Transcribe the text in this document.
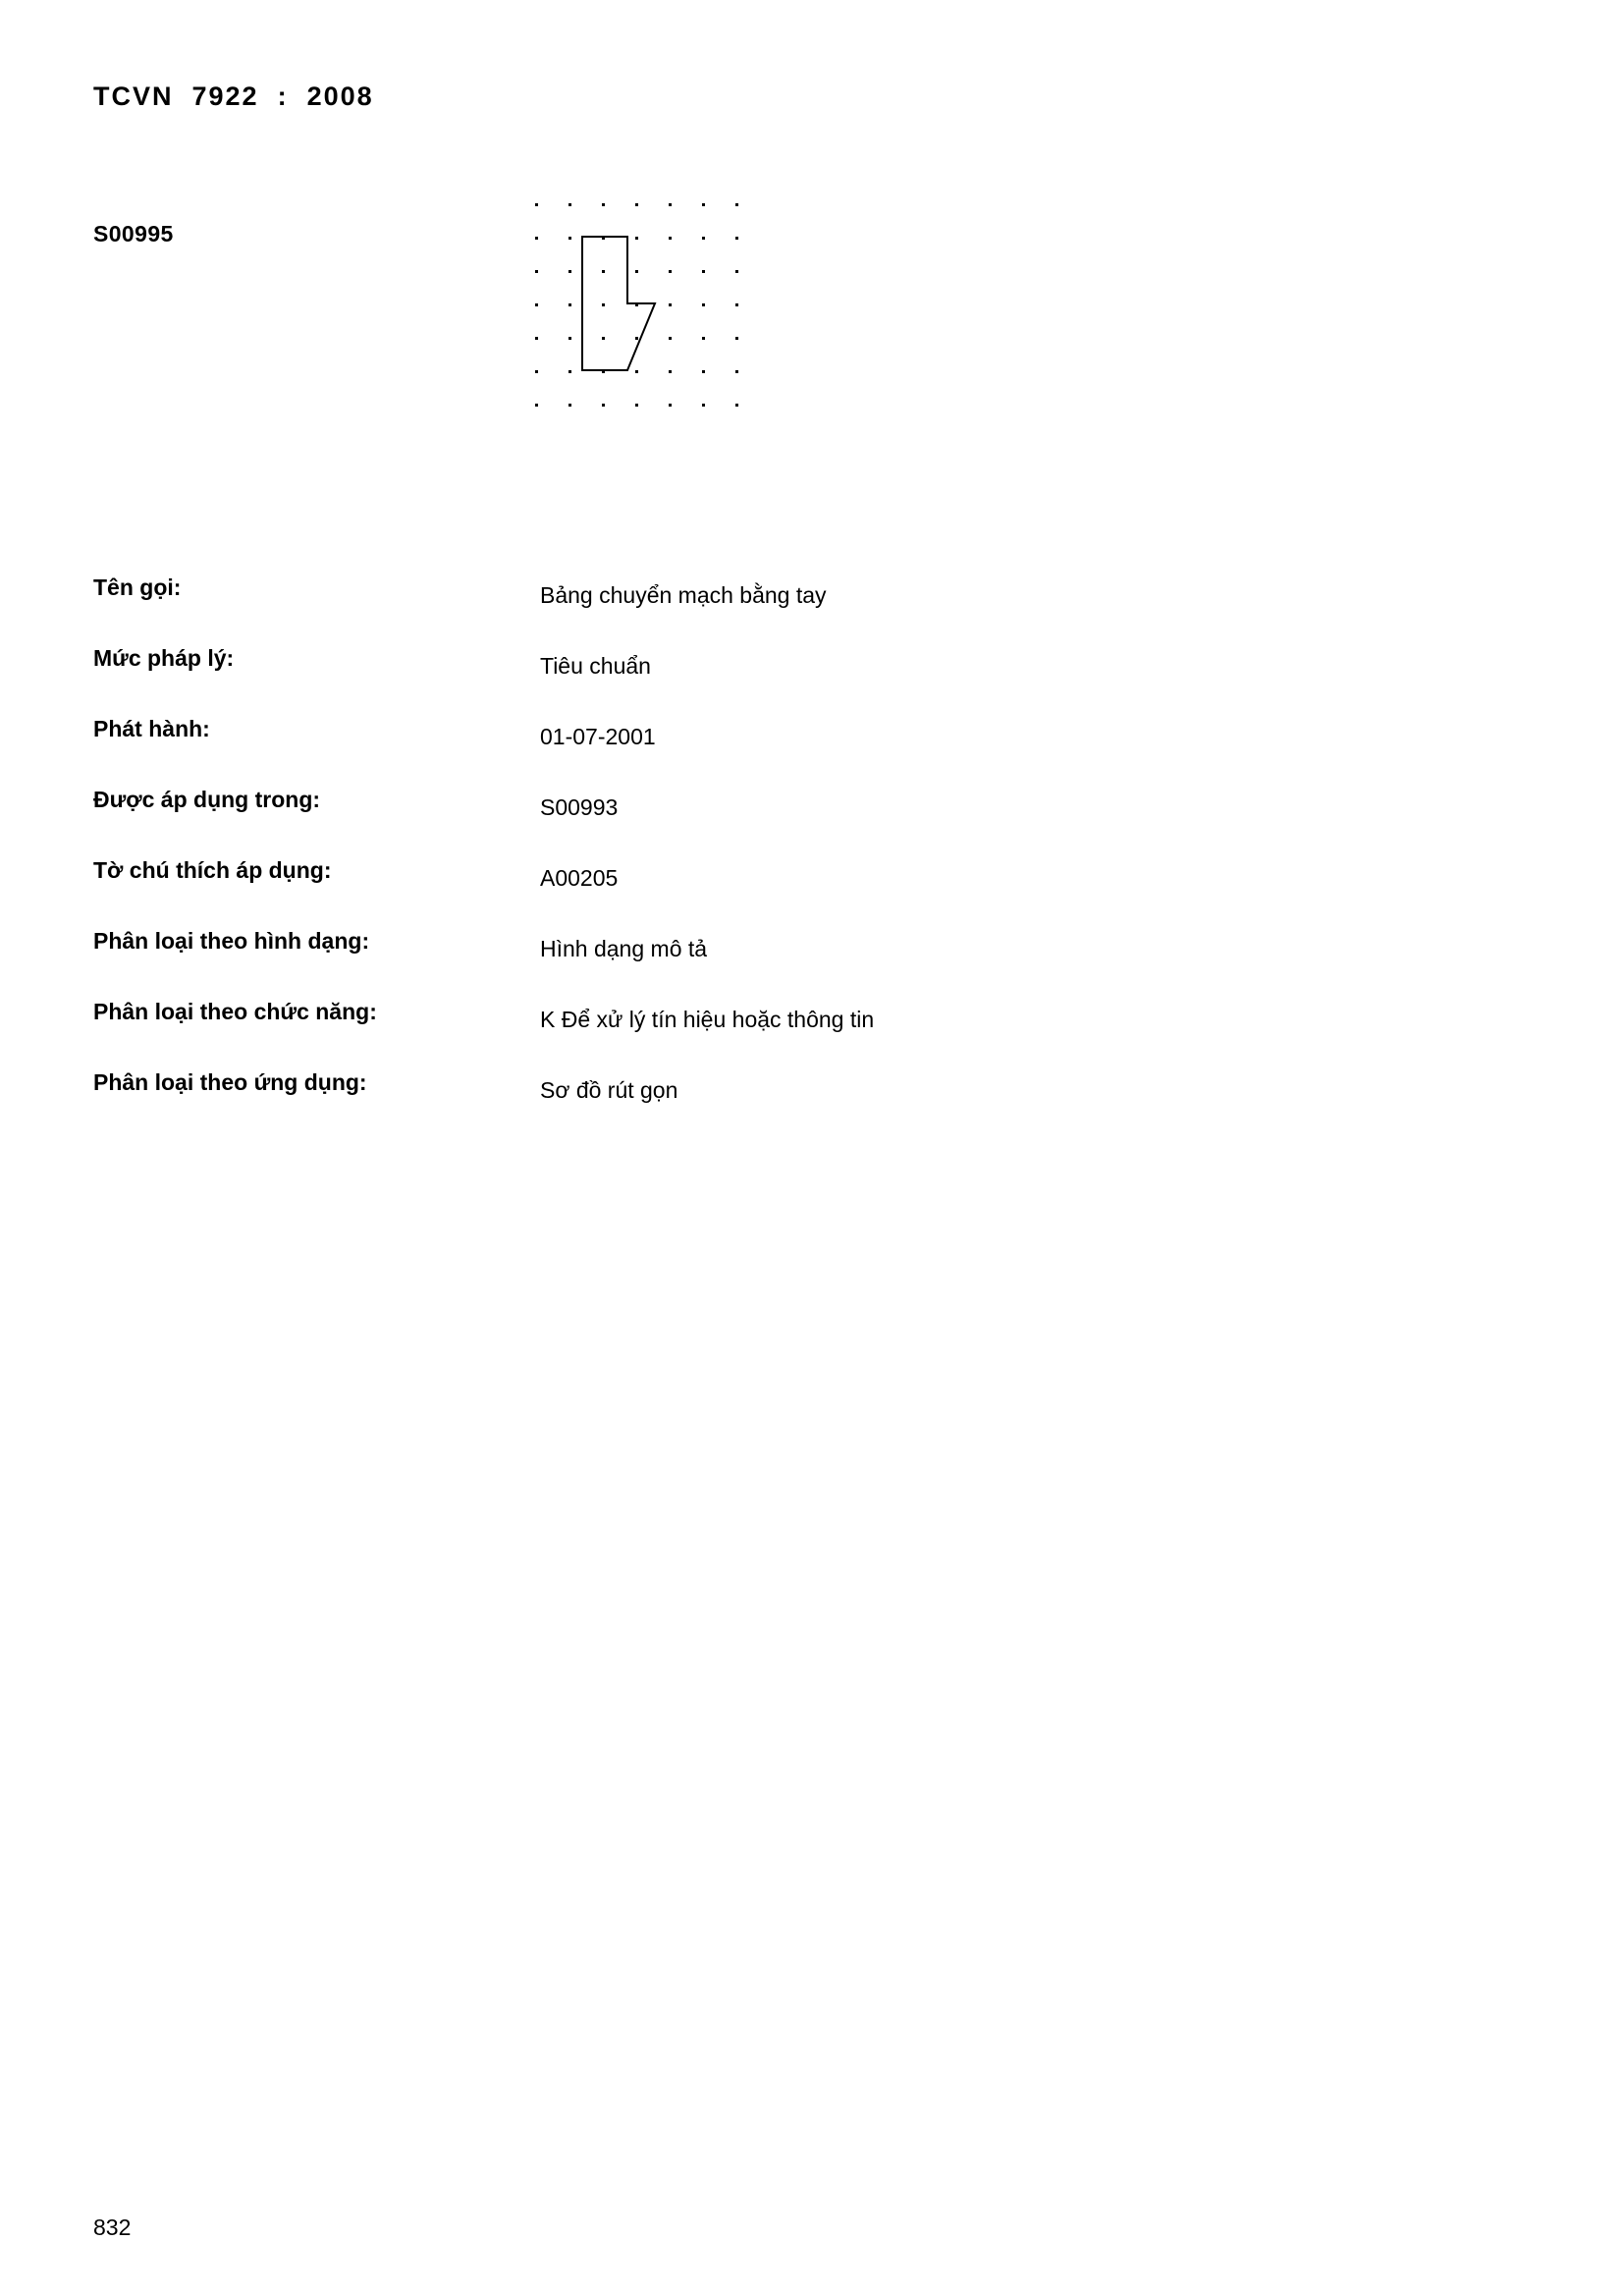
TCVN  7922  :  2008
S00995
Tên gọi:	Bảng chuyển mạch bằng tay
Mức pháp lý:	Tiêu chuẩn
Phát hành:	01-07-2001
Được áp dụng trong:	S00993
Tờ chú thích áp dụng:	A00205
Phân loại theo hình dạng:	Hình dạng mô tả
Phân loại theo chức năng:	K Để xử lý tín hiệu hoặc thông tin
Phân loại theo ứng dụng:	Sơ đồ rút gọn
832
